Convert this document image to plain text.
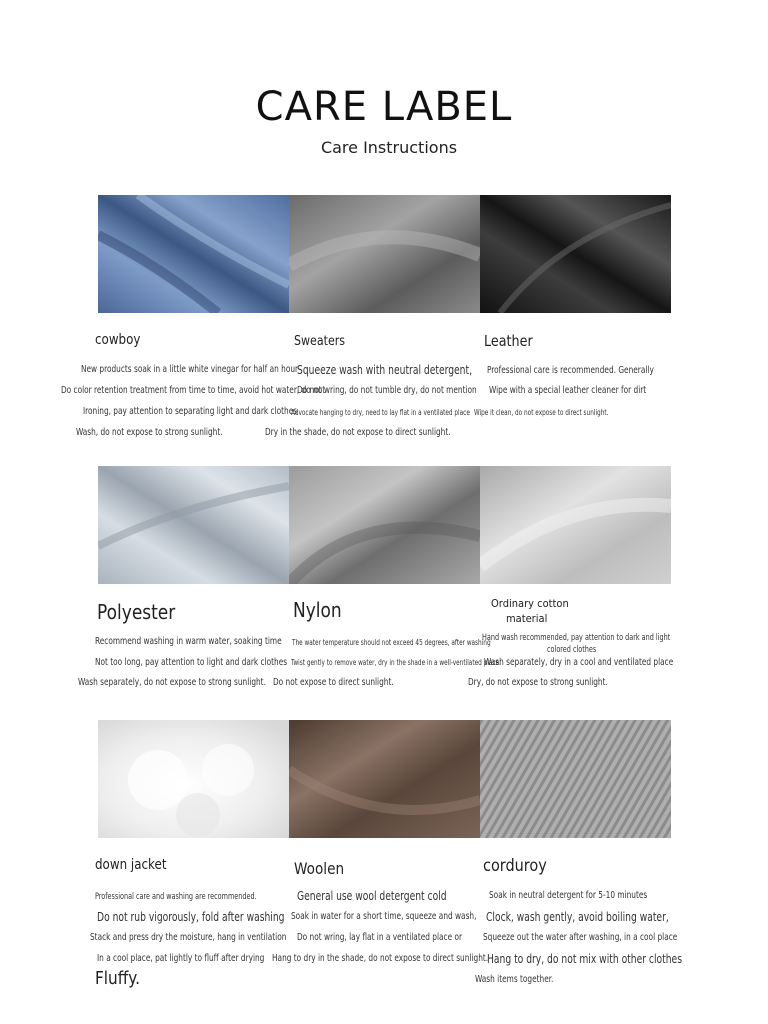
CARE LABEL
Care Instructions
cowboy
New products soak in a little white vinegar for half an hour
Do color retention treatment from time to time, avoid hot water, do not
Ironing, pay attention to separating light and dark clothes
Wash, do not expose to strong sunlight.
Sweaters
Squeeze wash with neutral detergent,
Do not wring, do not tumble dry, do not mention
Advocate hanging to dry, need to lay flat in a ventilated place
Dry in the shade, do not expose to direct sunlight.
Leather
Professional care is recommended. Generally
Wipe with a special leather cleaner for dirt
Wipe it clean, do not expose to direct sunlight.
Polyester
Recommend washing in warm water, soaking time
Not too long, pay attention to light and dark clothes
Wash separately, do not expose to strong sunlight.
Nylon
The water temperature should not exceed 45 degrees, after washing
Twist gently to remove water, dry in the shade in a well-ventilated place.
Do not expose to direct sunlight.
Ordinary cotton
material
Hand wash recommended, pay attention to dark and light
colored clothes
Wash separately, dry in a cool and ventilated place
Dry, do not expose to strong sunlight.
down jacket
Professional care and washing are recommended.
Do not rub vigorously, fold after washing
Stack and press dry the moisture, hang in ventilation
In a cool place, pat lightly to fluff after drying
Fluffy.
Woolen
General use wool detergent cold
Soak in water for a short time, squeeze and wash,
Do not wring, lay flat in a ventilated place or
Hang to dry in the shade, do not expose to direct sunlight.
corduroy
Soak in neutral detergent for 5-10 minutes
Clock, wash gently, avoid boiling water,
Squeeze out the water after washing, in a cool place
Hang to dry, do not mix with other clothes
Wash items together.
